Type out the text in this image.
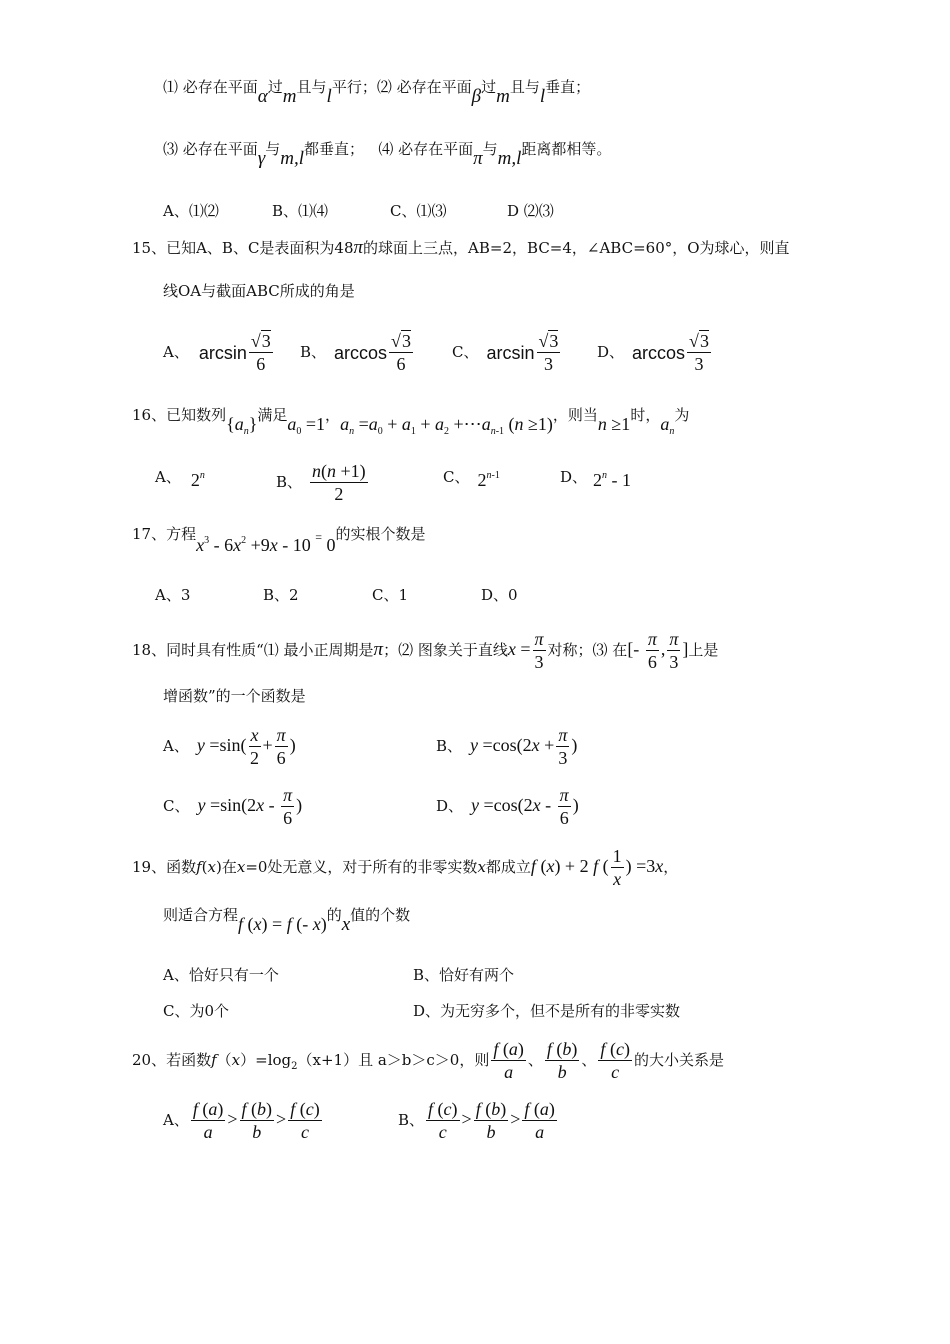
⑴ 必存在平面α过m且与l平行；⑵ 必存在平面β过m且与l垂直；
⑶ 必存在平面γ与m,l都垂直；   ⑷ 必存在平面π与m,l距离都相等。
A、⑴⑵	B、⑴⑷	C、⑴⑶	D ⑵⑶
15、已知A、B、C是表面积为48π的球面上三点，AB=2，BC=4，∠ABC=60°，O为球心，则直
线OA与截面ABC所成的角是
A、 $\arcsin \frac{√3}{6}$ B、 $\arccos \frac{√3}{6}$	C、 $\arcsin \frac{√3}{3}$ D、 $\arccos \frac{√3}{3}$
16、已知数列$\{a_n\}$满足$a_0 =1$，$a_n =a_0 + a_1 + a_2$ $+\cdots a_{n-1}$ (n ≥1)，则当n ≥1时，$a_n$为
A、 2$^n$	B、 $\frac{n(n +1)}{2}$	C、 2$^{n-1}$	D、 2$^n$ - 1
17、方程$x^3 - 6x^2 +9x - 10$ = 0的实根个数是
A、3	B、2	C、1	D、0
18、同时具有性质“⑴ 最小正周期是π；⑵ 图象关于直线$x = \frac{\pi}{3}$ 对称；⑶ 在[- $\frac{\pi}{6}$ , $\frac{\pi}{3}$ ]上是
增函数”的一个函数是
A、 $y =\sin( \frac{x}{2} + \frac{\pi}{6}$ )	B、 $y =\cos(2x + \frac{\pi}{3}$ )
C、 $y =\sin(2x - \frac{\pi}{6}$ )	D、 $y =\cos(2x - \frac{\pi}{6}$ )
19、函数f(x)在x=0处无意义，对于所有的非零实数x都成立f (x) + 2 f ( $\frac{1}{x}$ ) =3x，
则适合方程f (x) = f (- x)的x值的个数
A、恰好只有一个	B、恰好有两个
C、为0个	D、为无穷多个，但不是所有的非零实数
20、若函数$f(x)=\log_2(x+1)$且 a＞b＞c＞0，则 $\frac{f (a)}{a}$ 、 $\frac{f (b)}{b}$ 、 $\frac{f (c)}{c}$ 的大小关系是
A、 $\frac{f (a)}{a} > \frac{f (b)}{b} > \frac{f (c)}{c}$	B、 $\frac{f (c)}{c} > \frac{f (b)}{b} > \frac{f (a)}{a}$
